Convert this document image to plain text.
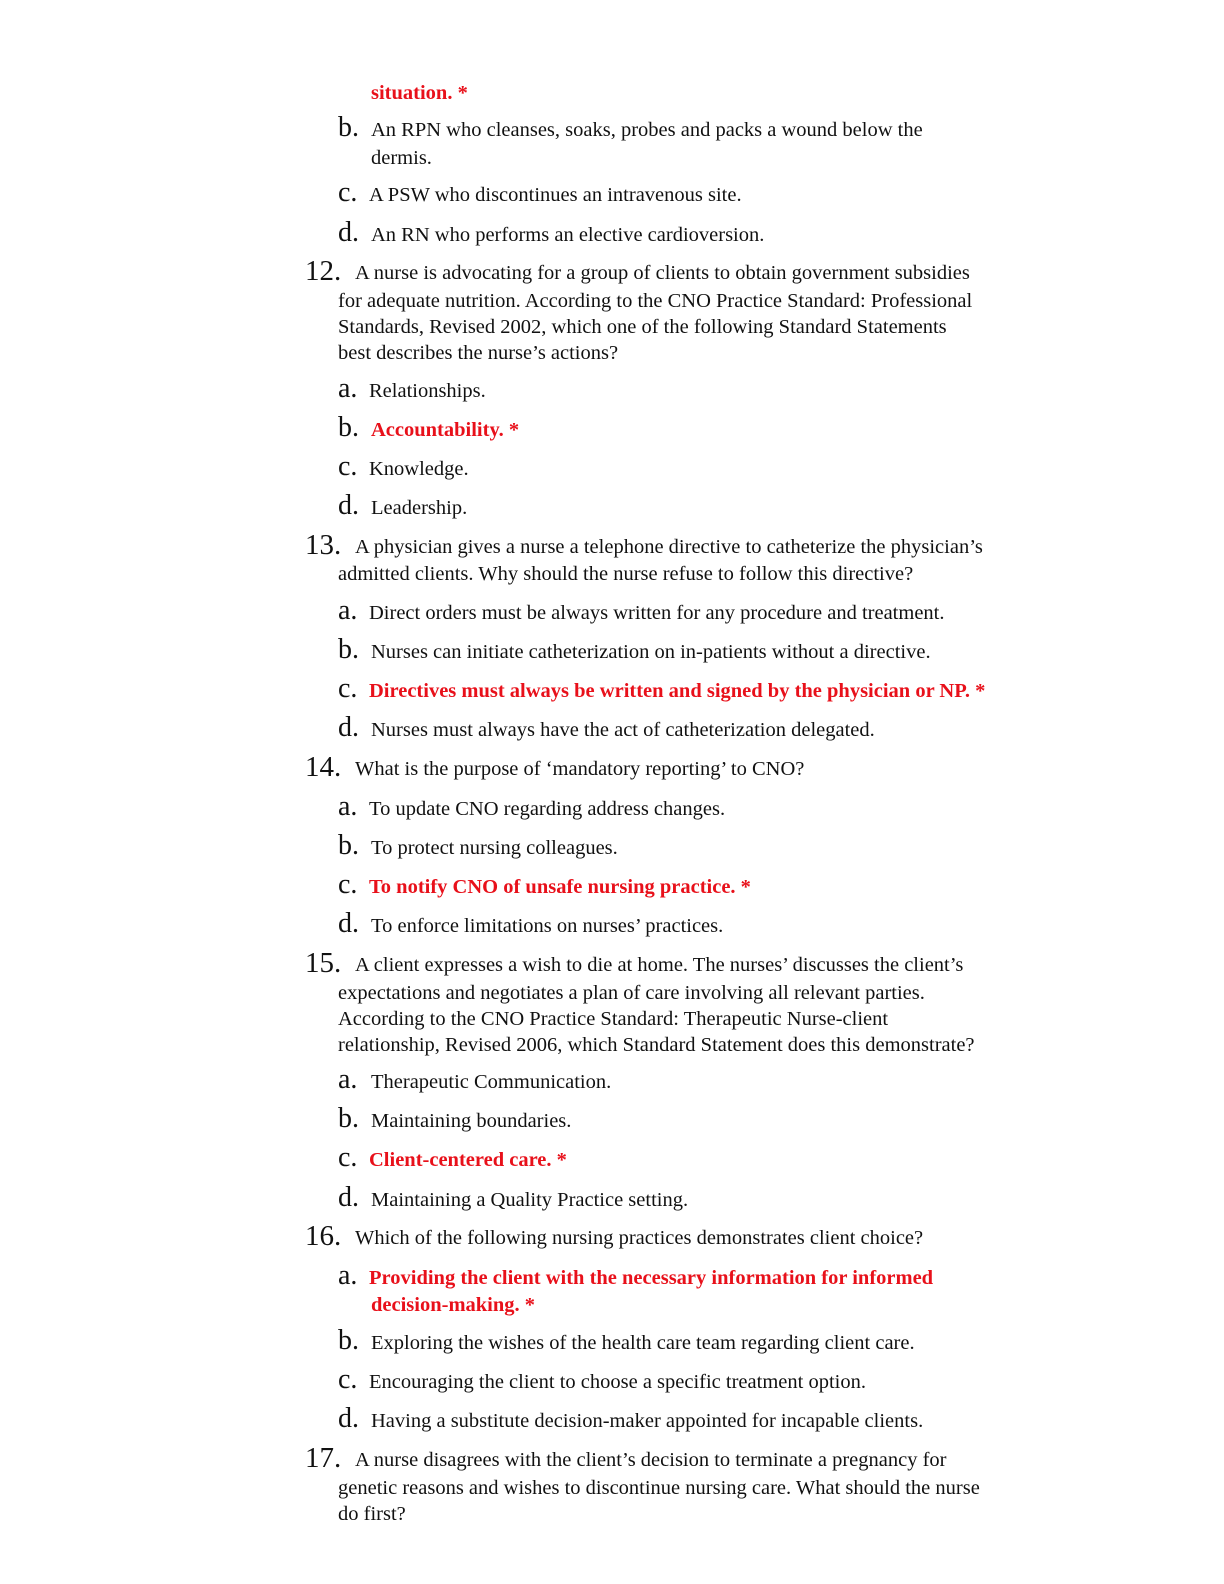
situation. *
b. An RPN who cleanses, soaks, probes and packs a wound below the
dermis.
c. A PSW who discontinues an intravenous site.
d. An RN who performs an elective cardioversion.
12. A nurse is advocating for a group of clients to obtain government subsidies
for adequate nutrition. According to the CNO Practice Standard: Professional
Standards, Revised 2002, which one of the following Standard Statements
best describes the nurse’s actions?
a. Relationships.
b. Accountability. *
c. Knowledge.
d. Leadership.
13. A physician gives a nurse a telephone directive to catheterize the physician’s
admitted clients. Why should the nurse refuse to follow this directive?
a. Direct orders must be always written for any procedure and treatment.
b. Nurses can initiate catheterization on in-patients without a directive.
c. Directives must always be written and signed by the physician or NP. *
d. Nurses must always have the act of catheterization delegated.
14. What is the purpose of ‘mandatory reporting’ to CNO?
a. To update CNO regarding address changes.
b. To protect nursing colleagues.
c. To notify CNO of unsafe nursing practice. *
d. To enforce limitations on nurses’ practices.
15. A client expresses a wish to die at home. The nurses’ discusses the client’s
expectations and negotiates a plan of care involving all relevant parties.
According to the CNO Practice Standard: Therapeutic Nurse-client
relationship, Revised 2006, which Standard Statement does this demonstrate?
a. Therapeutic Communication.
b. Maintaining boundaries.
c. Client-centered care. *
d. Maintaining a Quality Practice setting.
16. Which of the following nursing practices demonstrates client choice?
a. Providing the client with the necessary information for informed
decision-making. *
b. Exploring the wishes of the health care team regarding client care.
c. Encouraging the client to choose a specific treatment option.
d. Having a substitute decision-maker appointed for incapable clients.
17. A nurse disagrees with the client’s decision to terminate a pregnancy for
genetic reasons and wishes to discontinue nursing care. What should the nurse
do first?
